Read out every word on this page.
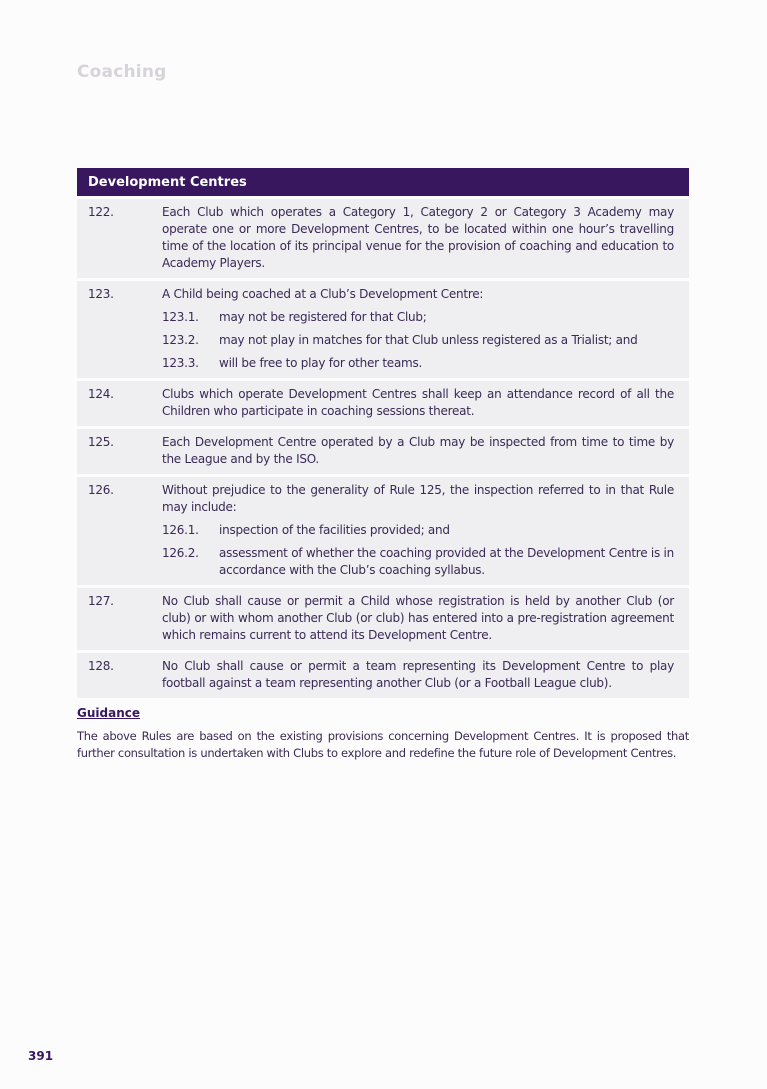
Coaching
Development Centres
122.	Each Club which operates a Category 1, Category 2 or Category 3 Academy may operate one or more Development Centres, to be located within one hour’s travelling time of the location of its principal venue for the provision of coaching and education to Academy Players.
123.	A Child being coached at a Club’s Development Centre:
123.1.	may not be registered for that Club;
123.2.	may not play in matches for that Club unless registered as a Trialist; and
123.3.	will be free to play for other teams.
124.	Clubs which operate Development Centres shall keep an attendance record of all the Children who participate in coaching sessions thereat.
125.	Each Development Centre operated by a Club may be inspected from time to time by the League and by the ISO.
126.	Without prejudice to the generality of Rule 125, the inspection referred to in that Rule may include:
126.1.	inspection of the facilities provided; and
126.2.	assessment of whether the coaching provided at the Development Centre is in accordance with the Club’s coaching syllabus.
127.	No Club shall cause or permit a Child whose registration is held by another Club (or club) or with whom another Club (or club) has entered into a pre-registration agreement which remains current to attend its Development Centre.
128.	No Club shall cause or permit a team representing its Development Centre to play football against a team representing another Club (or a Football League club).
Guidance
The above Rules are based on the existing provisions concerning Development Centres. It is proposed that further consultation is undertaken with Clubs to explore and redefine the future role of Development Centres.
391
